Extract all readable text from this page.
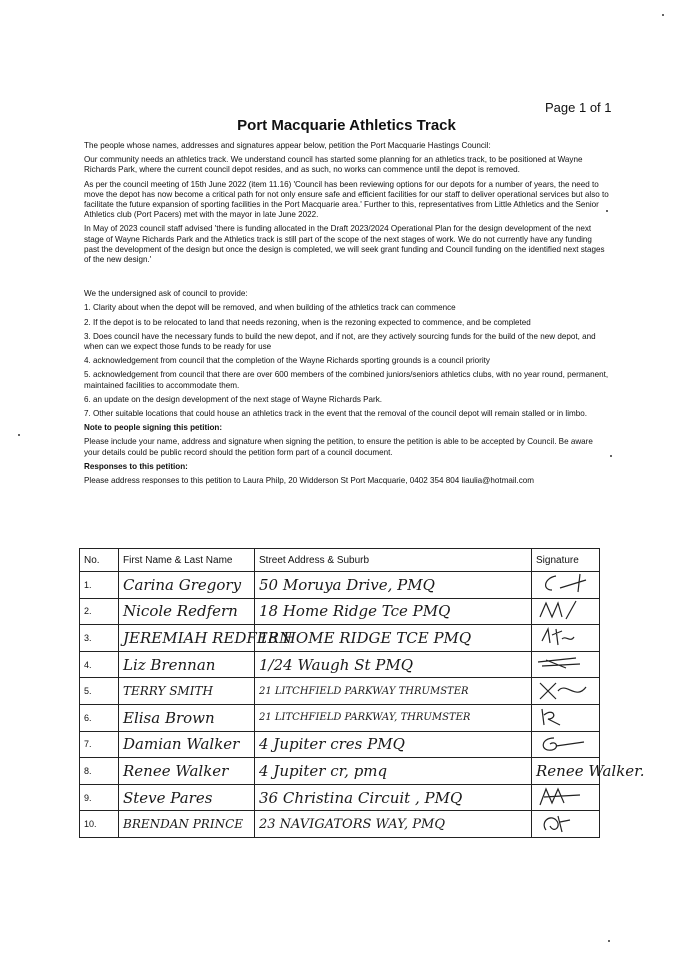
Page 1 of 1
Port Macquarie Athletics Track

The people whose names, addresses and signatures appear below, petition the Port Macquarie Hastings Council:

Our community needs an athletics track. We understand council has started some planning for an athletics track, to be positioned at Wayne Richards Park, where the current council depot resides, and as such, no works can commence until the depot is removed.

As per the council meeting of 15th June 2022 (item 11.16) 'Council has been reviewing options for our depots for a number of years, the need to move the depot has now become a critical path for not only ensure safe and efficient facilities for our staff to deliver operational services but also to facilitate the future expansion of sporting facilities in the Port Macquarie area.' Further to this, representatives from Little Athletics and the Senior Athletics club (Port Pacers) met with the mayor in late June 2022.

In May of 2023 council staff advised 'there is funding allocated in the Draft 2023/2024 Operational Plan for the design development of the next stage of Wayne Richards Park and the Athletics track is still part of the scope of the next stages of work. We do not currently have any funding past the development of the design but once the design is completed, we will seek grant funding and Council funding on the identified next stages of the new design.'

We the undersigned ask of council to provide:

1. Clarity about when the depot will be removed, and when building of the athletics track can commence

2. If the depot is to be relocated to land that needs rezoning, when is the rezoning expected to commence, and be completed

3. Does council have the necessary funds to build the new depot, and if not, are they actively sourcing funds for the build of the new depot, and when can we expect those funds to be ready for use

4. acknowledgement from council that the completion of the Wayne Richards sporting grounds is a council priority

5. acknowledgement from council that there are over 600 members of the combined juniors/seniors athletics clubs, with no year round, permanent, maintained facilities to accommodate them.

6. an update on the design development of the next stage of Wayne Richards Park.

7. Other suitable locations that could house an athletics track in the event that the removal of the council depot will remain stalled or in limbo.

Note to people signing this petition:

Please include your name, address and signature when signing the petition, to ensure the petition is able to be accepted by Council. Be aware your details could be public record should the petition form part of a council document.

Responses to this petition:

Please address responses to this petition to Laura Philp, 20 Widderson St Port Macquarie, 0402 354 804 liaulia@hotmail.com

No.	First Name & Last Name	Street Address & Suburb	Signature
1.	Carina Gregory	50 Moruya Drive, PMQ	
2.	Nicole Redfern	18 Home Ridge Tce PMQ	
3.	JEREMIAH REDFERN	18 HOME RIDGE TCE PMQ	
4.	Liz Brennan	1/24 Waugh St PMQ	
5.	TERRY SMITH	21 LITCHFIELD PARKWAY THRUMSTER	
6.	Elisa Brown	21 LITCHFIELD PARKWAY, THRUMSTER	
7.	Damian Walker	4 Jupiter cres PMQ	
8.	Renee Walker	4 Jupiter cr, pmq	Renee Walker.
9.	Steve Pares	36 Christina Circuit , PMQ	
10.	BRENDAN PRINCE	23 NAVIGATORS WAY, PMQ	
